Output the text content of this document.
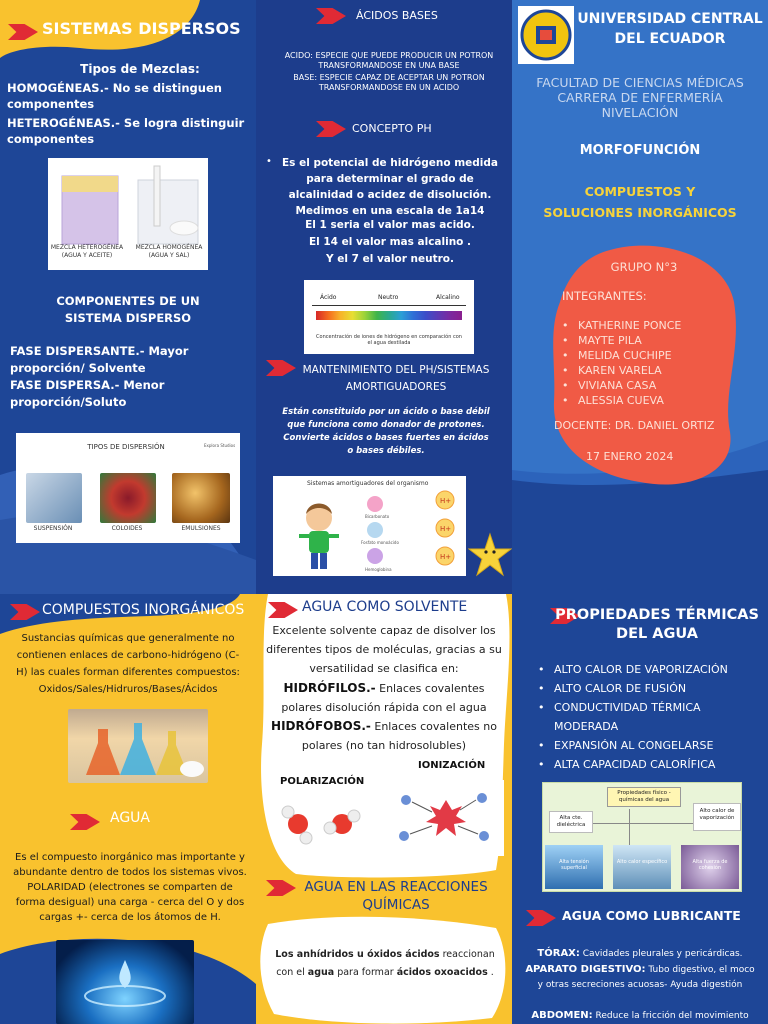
SISTEMAS DISPERSOS
Tipos de Mezclas:
HOMOGÉNEAS.- No se distinguen componentes
HETEROGÉNEAS.- Se logra distinguir componentes
MEZCLA HETEROGÉNEA (AGUA Y ACEITE)
MEZCLA HOMOGÉNEA (AGUA Y SAL)
COMPONENTES DE UN SISTEMA DISPERSO
FASE DISPERSANTE.- Mayor proporción/ Solvente
FASE DISPERSA.- Menor proporción/Soluto
TIPOS DE DISPERSIÓN	Explora Studios
SUSPENSIÓN	COLOIDES	EMULSIONES
ÁCIDOS BASES
ACIDO: ESPECIE QUE PUEDE PRODUCIR UN POTRON TRANSFORMANDOSE EN UNA BASE
BASE: ESPECIE CAPAZ DE ACEPTAR UN POTRON TRANSFORMANDOSE EN UN ACIDO
CONCEPTO PH
• Es el potencial de hidrógeno medida para determinar el grado de alcalinidad o acidez de disolución. Medimos en una escala de 1a14
El 1 seria el valor mas acido.
El 14 el valor mas alcalino .
Y el 7 el valor neutro.
Ácido	Neutro	Alcalino
Concentración de iones de hidrógeno en comparación con el agua destilada
MANTENIMIENTO DEL PH/SISTEMAS AMORTIGUADORES
Están constituido por un ácido o base débil que funciona como donador de protones. Convierte ácidos o bases fuertes en ácidos o bases débiles.
Sistemas amortiguadores del organismo
H+
H+
H+
Bicarbonato
Fosfato monoácido
Hemoglobina
UNIVERSIDAD CENTRAL DEL ECUADOR
FACULTAD DE CIENCIAS MÉDICAS
CARRERA DE ENFERMERÍA
NIVELACIÓN
MORFOFUNCIÓN
COMPUESTOS Y SOLUCIONES INORGÁNICOS
GRUPO N°3
INTEGRANTES:
• KATHERINE PONCE
• MAYTE PILA
• MELIDA CUCHIPE
• KAREN VARELA
• VIVIANA CASA
• ALESSIA CUEVA
DOCENTE: DR. DANIEL ORTIZ
17 ENERO 2024
COMPUESTOS INORGÁNICOS
Sustancias químicas que generalmente no contienen enlaces de carbono-hidrógeno (C-H) las cuales forman diferentes compuestos: Oxidos/Sales/Hidruros/Bases/Ácidos
AGUA
Es el compuesto inorgánico mas importante y abundante dentro de todos los sistemas vivos. POLARIDAD (electrones se comparten de forma desigual) una carga - cerca del O y dos cargas +- cerca de los átomos de H.
AGUA COMO SOLVENTE
Excelente solvente capaz de disolver los diferentes tipos de moléculas, gracias a su versatilidad se clasifica en:
HIDRÓFILOS.- Enlaces covalentes polares disolución rápida con el agua
HIDRÓFOBOS.- Enlaces covalentes no polares (no tan hidrosolubles)
POLARIZACIÓN
IONIZACIÓN
AGUA EN LAS REACCIONES QUÍMICAS
Los anhídridos u óxidos ácidos reaccionan con el agua para formar ácidos oxoacidos .
PROPIEDADES TÉRMICAS DEL AGUA
• ALTO CALOR DE VAPORIZACIÓN
• ALTO CALOR DE FUSIÓN
• CONDUCTIVIDAD TÉRMICA MODERADA
• EXPANSIÓN AL CONGELARSE
• ALTA CAPACIDAD CALORÍFICA
Propiedades físico - químicas del agua
Alto calor de vaporización
Alta cte. dieléctrica
Alta tensión superficial
Alto calor específico	Alta fuerza de cohesión
AGUA COMO LUBRICANTE
TÓRAX: Cavidades pleurales y pericárdicas.
APARATO DIGESTIVO: Tubo digestivo, el moco y otras secreciones acuosas- Ayuda digestión
ABDOMEN: Reduce la fricción del movimiento
